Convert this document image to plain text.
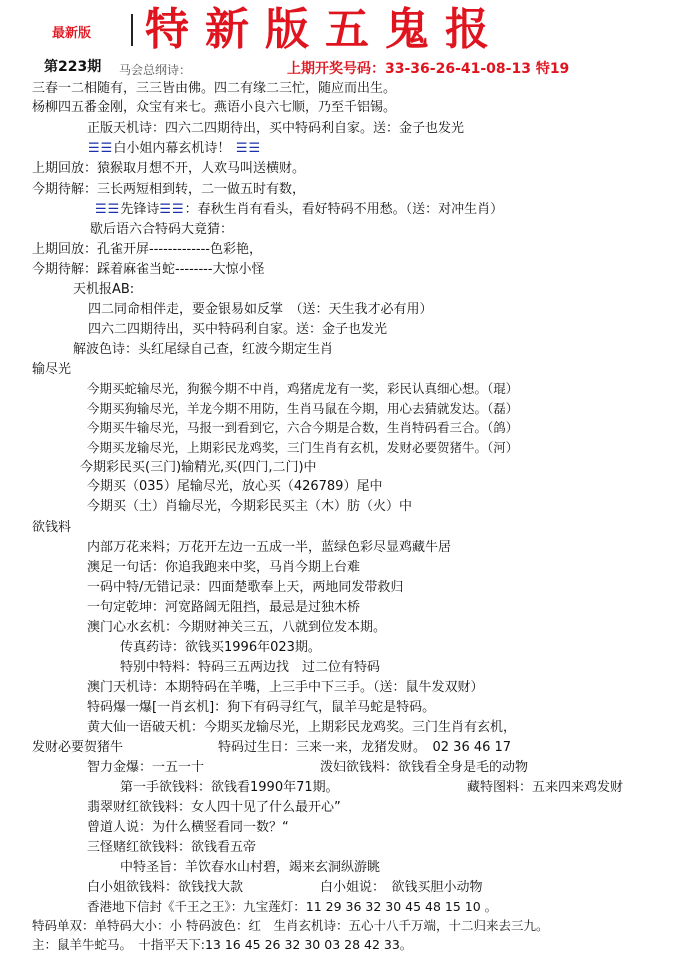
最新版 特新版五鬼报
第223期	上期开奖号码：33-36-26-41-08-13 特19
马会总纲诗：
三春一二相随有，三三皆由佛。四二有缘二三忙，随应而出生。
杨柳四五番金刚，众宝有来七。燕语小良六七顺，乃至千铝锡。
正版天机诗：四六二四期待出，买中特码利自家。送：金子也发光
☰☰白小姐内幕玄机诗！ ☰☰
上期回放：猿猴取月想不开，人欢马叫送横财。
今期待解：三长两短相到转，二一做五时有数，
☰☰先锋诗☰☰：春秋生肖有看头，看好特码不用愁。（送：对冲生肖）
歇后语六合特码大竟猜：
上期回放：孔雀开屏-------------色彩艳，
今期待解：踩着麻雀当蛇--------大惊小怪
天机报AB:
四二同命相伴走，要金银易如反掌　（送：天生我才必有用）
四六二四期待出，买中特码利自家。送：金子也发光
解波色诗：头红尾绿自己查，红波今期定生肖
输尽光
今期买蛇输尽光，狗猴今期不中肖，鸡猪虎龙有一奖，彩民认真细心想。（琨）
今期买狗输尽光，羊龙今期不用防，生肖马鼠在今期，用心去猜就发达。（磊）
今期买牛输尽光，马报一到看到它，六合今期是合数，生肖特码看三合。（鸽）
今期买龙输尽光，上期彩民龙鸡奖，三门生肖有玄机，发财必要贺猪牛。（河）
今期彩民买(三门)输精光,买(四门,二门)中
今期买（035）尾输尽光，放心买（426789）尾中
今期买（土）肖输尽光，今期彩民买主（木）肪（火）中
欲钱料
内部万花来料；万花开左边一五成一半，蓝绿色彩尽显鸡藏牛居
澳足一句话：你追我跑来中奖，马肖今期上台难
一码中特/无错记录：四面楚歌奉上天，两地同发带救归
一句定乾坤：河宽路阔无阻挡，最忌是过独木桥
澳门心水玄机：今期财神关三五，八就到位发本期。
传真药诗：欲钱买1996年023期。
特别中特料：特码三五两边找　过二位有特码
澳门天机诗：本期特码在羊嘴，上三手中下三手。（送：鼠牛发双财）
特码爆一爆[一肖玄机]：狗下有码寻红气，鼠羊马蛇是特码。
黄大仙一语破天机：今期买龙输尽光，上期彩民龙鸡奖。三门生肖有玄机，
发财必要贺猪牛	特码过生日：三来一来，龙猪发财。　02 36 46 17
智力金爆：一五一十	泼妇欲钱料：欲钱看全身是毛的动物
第一手欲钱料：欲钱看1990年71期。	藏特图料：五来四来鸡发财
翡翠财红欲钱料：女人四十见了什么最开心”
曾道人说：为什么横竖看同一数？“
三怪赌红欲钱料：欲钱看五帝
中特圣旨：羊饮春水山村碧，竭来玄洞纵游眺
白小姐欲钱料：欲钱找大款	白小姐说：　欲钱买胆小动物
香港地下信封《千王之王》：九宝莲灯：11 29 36 32 30 45 48 15 10 。
特码单双：单特码大小：小 特码波色：红　生肖玄机诗：五心十八千万端，十二归来去三九。
主：鼠羊牛蛇马。　十指平天下:13 16 45 26 32 30 03 28 42 33。
